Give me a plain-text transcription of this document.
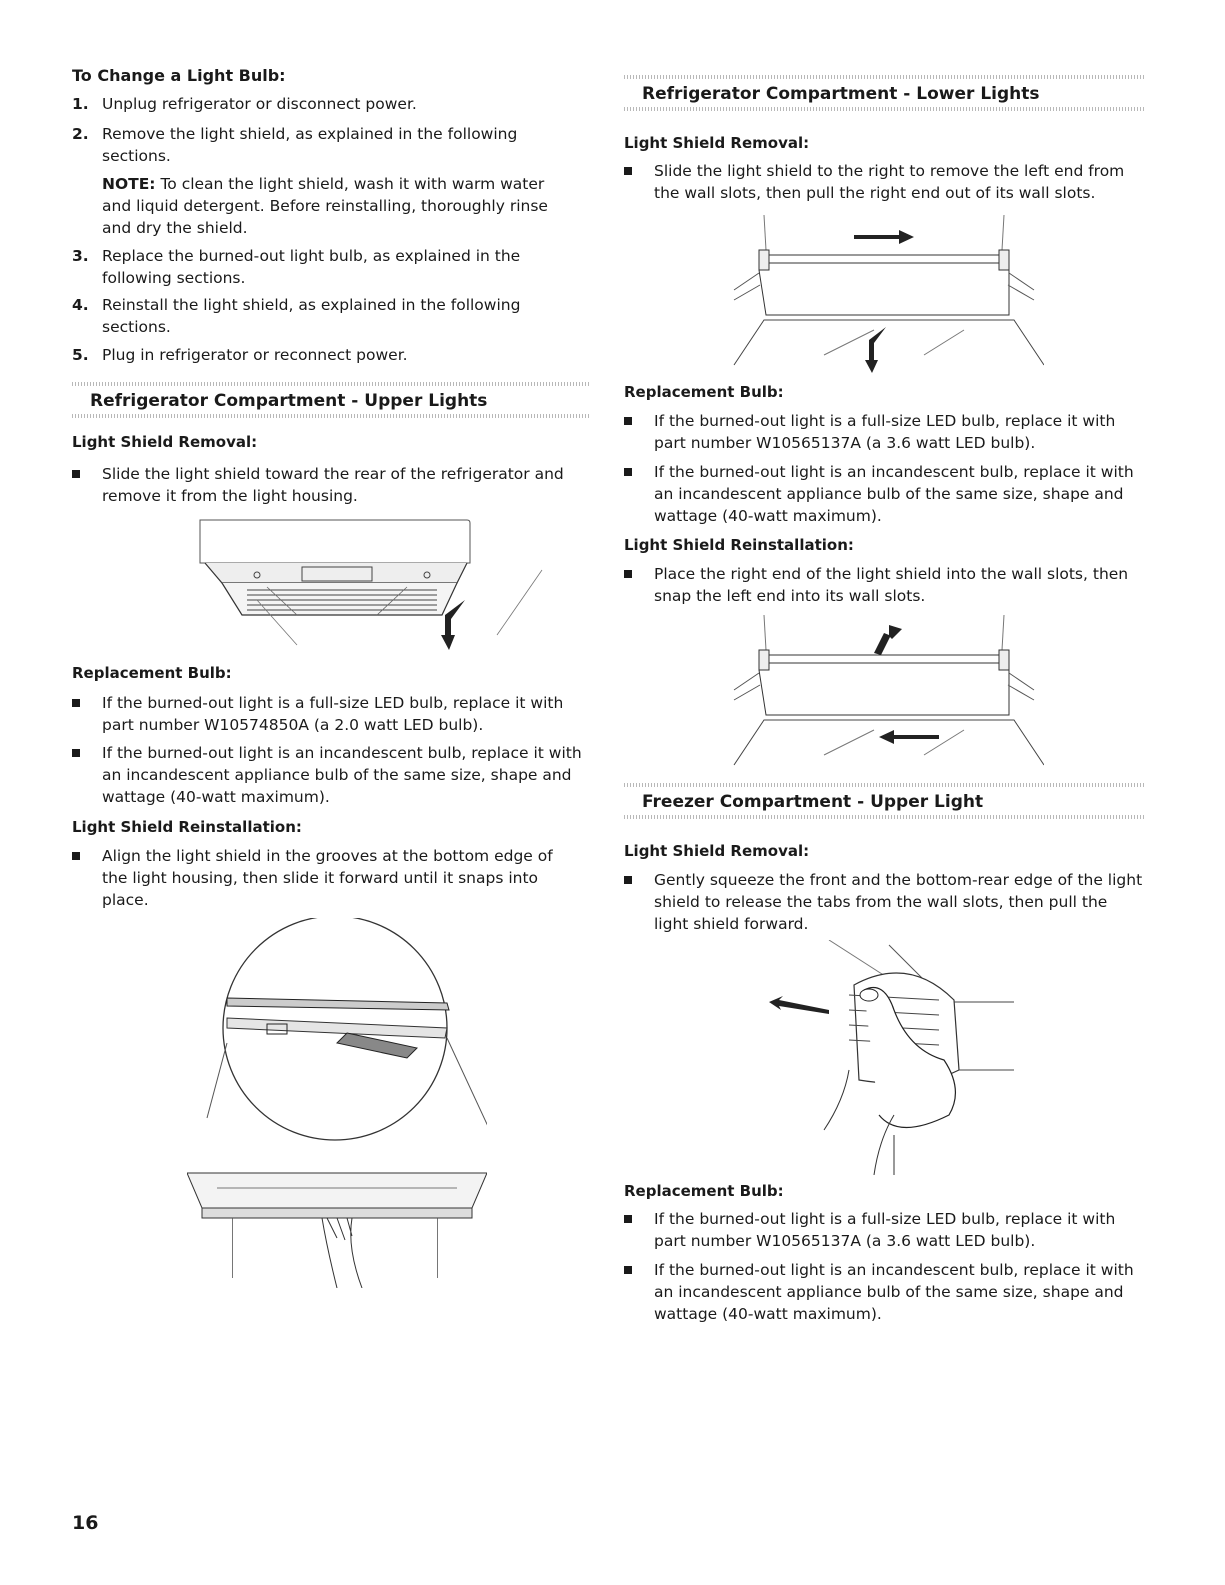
To Change a Light Bulb:
1. Unplug refrigerator or disconnect power.
2. Remove the light shield, as explained in the following sections.
NOTE: To clean the light shield, wash it with warm water and liquid detergent. Before reinstalling, thoroughly rinse and dry the shield.
3. Replace the burned-out light bulb, as explained in the following sections.
4. Reinstall the light shield, as explained in the following sections.
5. Plug in refrigerator or reconnect power.
Refrigerator Compartment - Upper Lights
Light Shield Removal:
Slide the light shield toward the rear of the refrigerator and remove it from the light housing.
Replacement Bulb:
If the burned-out light is a full-size LED bulb, replace it with part number W10574850A (a 2.0 watt LED bulb).
If the burned-out light is an incandescent bulb, replace it with an incandescent appliance bulb of the same size, shape and wattage (40-watt maximum).
Light Shield Reinstallation:
Align the light shield in the grooves at the bottom edge of the light housing, then slide it forward until it snaps into place.
Refrigerator Compartment - Lower Lights
Light Shield Removal:
Slide the light shield to the right to remove the left end from the wall slots, then pull the right end out of its wall slots.
Replacement Bulb:
If the burned-out light is a full-size LED bulb, replace it with part number W10565137A (a 3.6 watt LED bulb).
If the burned-out light is an incandescent bulb, replace it with an incandescent appliance bulb of the same size, shape and wattage (40-watt maximum).
Light Shield Reinstallation:
Place the right end of the light shield into the wall slots, then snap the left end into its wall slots.
Freezer Compartment - Upper Light
Light Shield Removal:
Gently squeeze the front and the bottom-rear edge of the light shield to release the tabs from the wall slots, then pull the light shield forward.
Replacement Bulb:
If the burned-out light is a full-size LED bulb, replace it with part number W10565137A (a 3.6 watt LED bulb).
If the burned-out light is an incandescent bulb, replace it with an incandescent appliance bulb of the same size, shape and wattage (40-watt maximum).
16
